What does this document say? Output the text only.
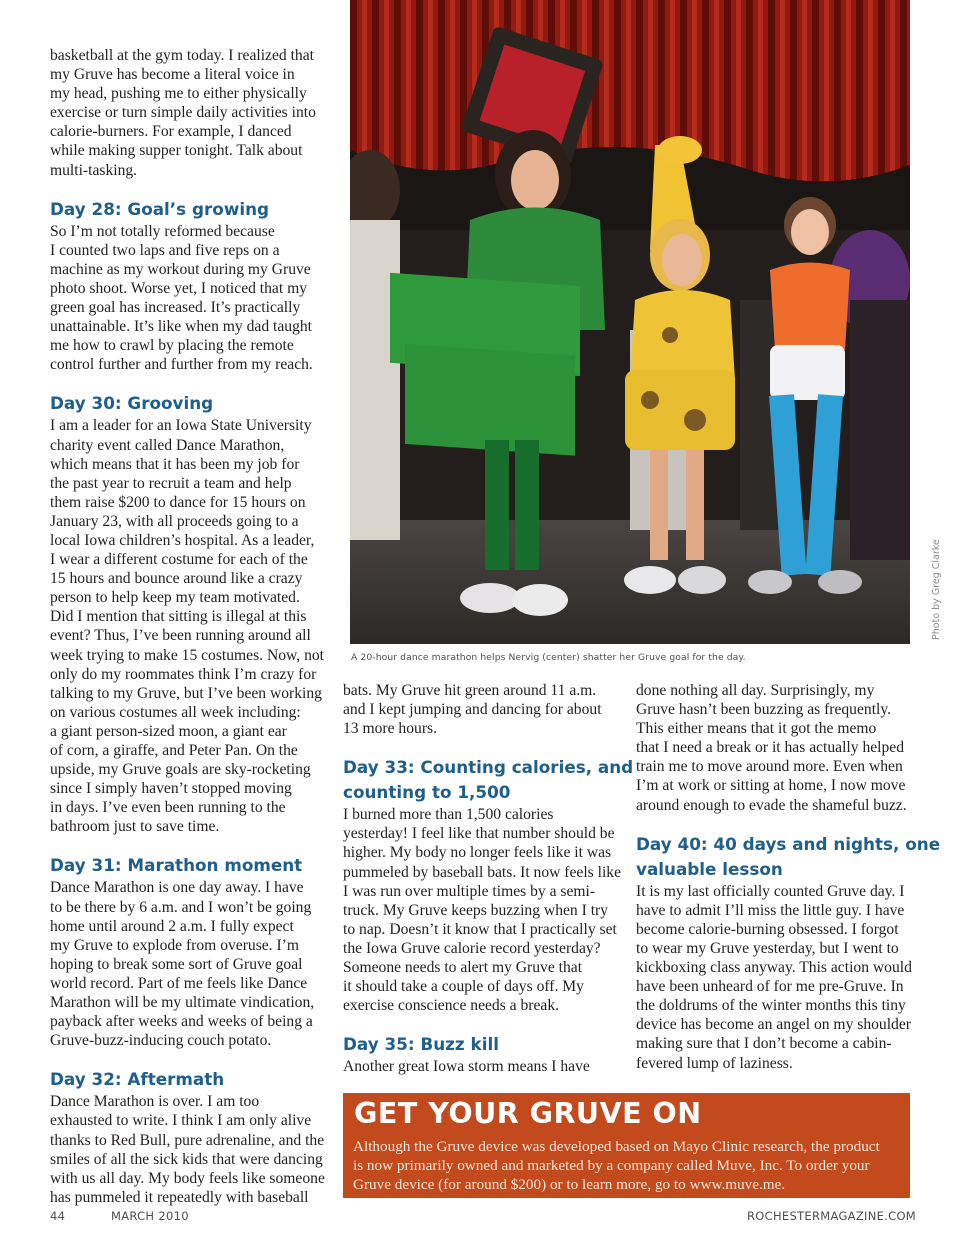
basketball at the gym today. I realized that
my Gruve has become a literal voice in
my head, pushing me to either physically
exercise or turn simple daily activities into
calorie-burners. For example, I danced
while making supper tonight. Talk about
multi-tasking.

Day 28: Goal’s growing

So I’m not totally reformed because
I counted two laps and five reps on a
machine as my workout during my Gruve
photo shoot. Worse yet, I noticed that my
green goal has increased. It’s practically
unattainable. It’s like when my dad taught
me how to crawl by placing the remote
control further and further from my reach.

Day 30: Grooving

I am a leader for an Iowa State University
charity event called Dance Marathon,
which means that it has been my job for
the past year to recruit a team and help
them raise $200 to dance for 15 hours on
January 23, with all proceeds going to a
local Iowa children’s hospital. As a leader,
I wear a different costume for each of the
15 hours and bounce around like a crazy
person to help keep my team motivated.
Did I mention that sitting is illegal at this
event? Thus, I’ve been running around all
week trying to make 15 costumes. Now, not
only do my roommates think I’m crazy for
talking to my Gruve, but I’ve been working
on various costumes all week including:
a giant person-sized moon, a giant ear
of corn, a giraffe, and Peter Pan. On the
upside, my Gruve goals are sky-rocketing
since I simply haven’t stopped moving
in days. I’ve even been running to the
bathroom just to save time.

Day 31: Marathon moment

Dance Marathon is one day away. I have
to be there by 6 a.m. and I won’t be going
home until around 2 a.m. I fully expect
my Gruve to explode from overuse. I’m
hoping to break some sort of Gruve goal
world record. Part of me feels like Dance
Marathon will be my ultimate vindication,
payback after weeks and weeks of being a
Gruve-buzz-inducing couch potato.

Day 32: Aftermath

Dance Marathon is over. I am too
exhausted to write. I think I am only alive
thanks to Red Bull, pure adrenaline, and the
smiles of all the sick kids that were dancing
with us all day. My body feels like someone
has pummeled it repeatedly with baseball

A 20-hour dance marathon helps Nervig (center) shatter her Gruve goal for the day.
Photo by Greg Clarke

bats. My Gruve hit green around 11 a.m.
and I kept jumping and dancing for about
13 more hours.

Day 33: Counting calories, and
counting to 1,500

I burned more than 1,500 calories
yesterday! I feel like that number should be
higher. My body no longer feels like it was
pummeled by baseball bats. It now feels like
I was run over multiple times by a semi-
truck. My Gruve keeps buzzing when I try
to nap. Doesn’t it know that I practically set
the Iowa Gruve calorie record yesterday?
Someone needs to alert my Gruve that
it should take a couple of days off. My
exercise conscience needs a break.

Day 35: Buzz kill

Another great Iowa storm means I have

done nothing all day. Surprisingly, my
Gruve hasn’t been buzzing as frequently.
This either means that it got the memo
that I need a break or it has actually helped
train me to move around more. Even when
I’m at work or sitting at home, I now move
around enough to evade the shameful buzz.

Day 40: 40 days and nights, one
valuable lesson

It is my last officially counted Gruve day. I
have to admit I’ll miss the little guy. I have
become calorie-burning obsessed. I forgot
to wear my Gruve yesterday, but I went to
kickboxing class anyway. This action would
have been unheard of for me pre-Gruve. In
the doldrums of the winter months this tiny
device has become an angel on my shoulder
making sure that I don’t become a cabin-
fevered lump of laziness.

GET YOUR GRUVE ON
Although the Gruve device was developed based on Mayo Clinic research, the product
is now primarily owned and marketed by a company called Muve, Inc. To order your
Gruve device (for around $200) or to learn more, go to www.muve.me.
44	MARCH 2010	ROCHESTERMAGAZINE.COM
